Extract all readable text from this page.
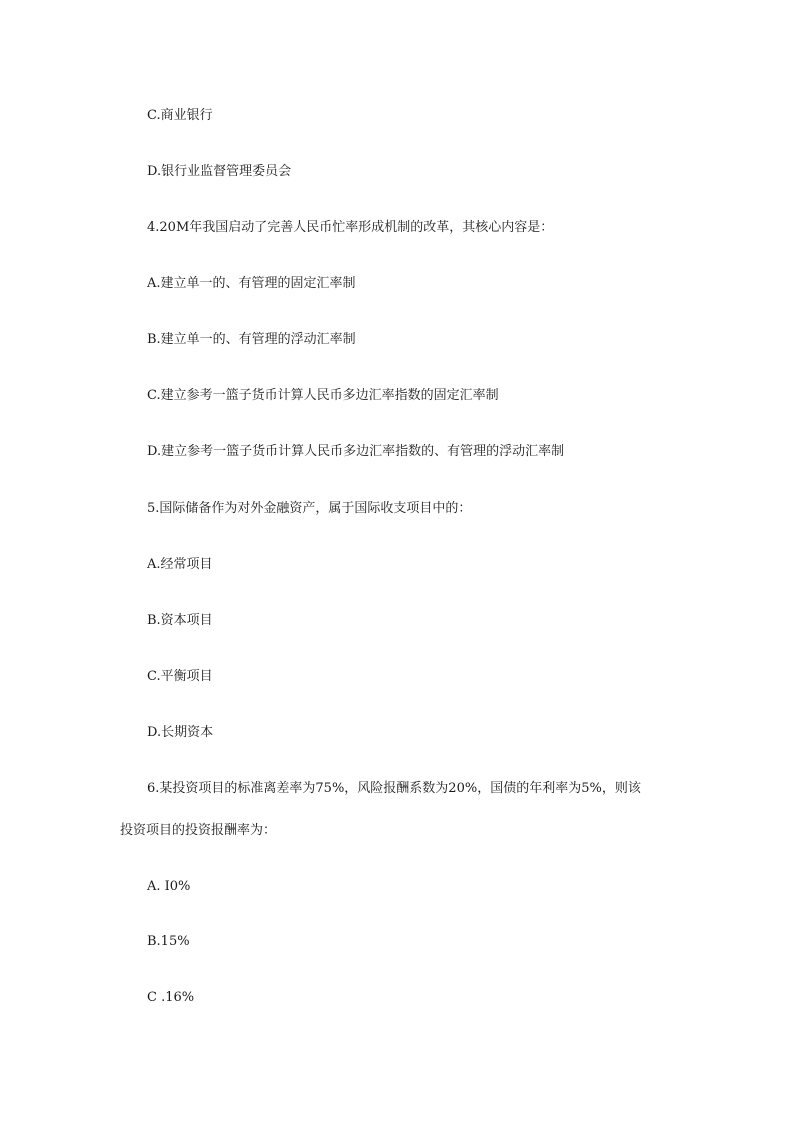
C.商业银行
D.银行业监督管理委员会
4.20M年我国启动了完善人民币忙率形成机制的改革，其核心内容是：
A.建立单一的、有管理的固定汇率制
B.建立单一的、有管理的浮动汇率制
C.建立参考一篮子货币计算人民币多边汇率指数的固定汇率制
D.建立参考一篮子货币计算人民币多边汇率指数的、有管理的浮动汇率制
5.国际储备作为对外金融资产，属于国际收支项目中的：
A.经常项目
B.资本项目
C.平衡项目
D.长期资本
6.某投资项目的标准离差率为75%，风险报酬系数为20%，国债的年利率为5%，则该
投资项目的投资报酬率为：
A. I0%
B.15%
C .16%
